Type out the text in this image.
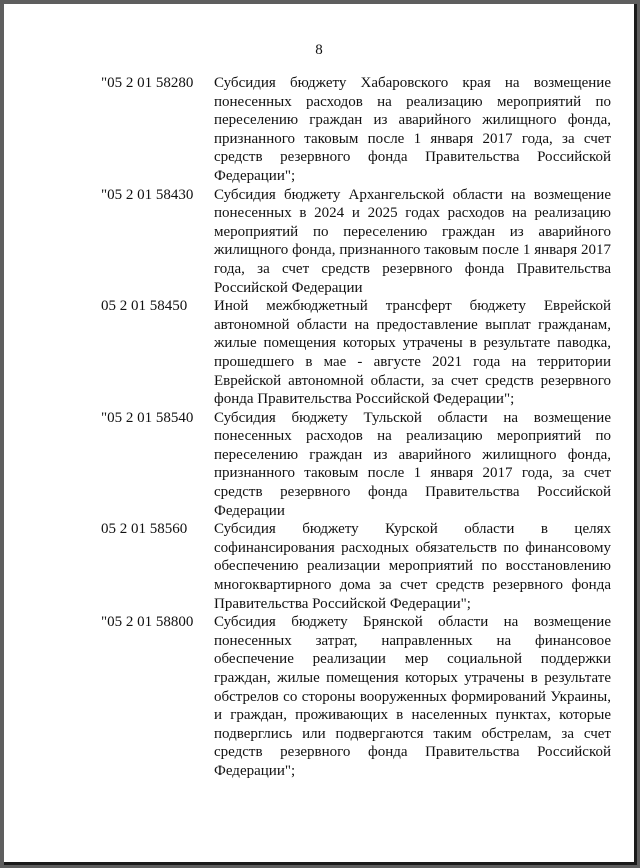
8
"05 2 01 58280	Субсидия бюджету Хабаровского края на возмещение понесенных расходов на реализацию мероприятий по переселению граждан из аварийного жилищного фонда, признанного таковым после 1 января 2017 года, за счет средств резервного фонда Правительства Российской Федерации";
"05 2 01 58430	Субсидия бюджету Архангельской области на возмещение понесенных в 2024 и 2025 годах расходов на реализацию мероприятий по переселению граждан из аварийного жилищного фонда, признанного таковым после 1 января 2017 года, за счет средств резервного фонда Правительства Российской Федерации
05 2 01 58450	Иной межбюджетный трансферт бюджету Еврейской автономной области на предоставление выплат гражданам, жилые помещения которых утрачены в результате паводка, прошедшего в мае - августе 2021 года на территории Еврейской автономной области, за счет средств резервного фонда Правительства Российской Федерации";
"05 2 01 58540	Субсидия бюджету Тульской области на возмещение понесенных расходов на реализацию мероприятий по переселению граждан из аварийного жилищного фонда, признанного таковым после 1 января 2017 года, за счет средств резервного фонда Правительства Российской Федерации
05 2 01 58560	Субсидия бюджету Курской области в целях софинансирования расходных обязательств по финансовому обеспечению реализации мероприятий по восстановлению многоквартирного дома за счет средств резервного фонда Правительства Российской Федерации";
"05 2 01 58800	Субсидия бюджету Брянской области на возмещение понесенных затрат, направленных на финансовое обеспечение реализации мер социальной поддержки граждан, жилые помещения которых утрачены в результате обстрелов со стороны вооруженных формирований Украины, и граждан, проживающих в населенных пунктах, которые подверглись или подвергаются таким обстрелам, за счет средств резервного фонда Правительства Российской Федерации";
